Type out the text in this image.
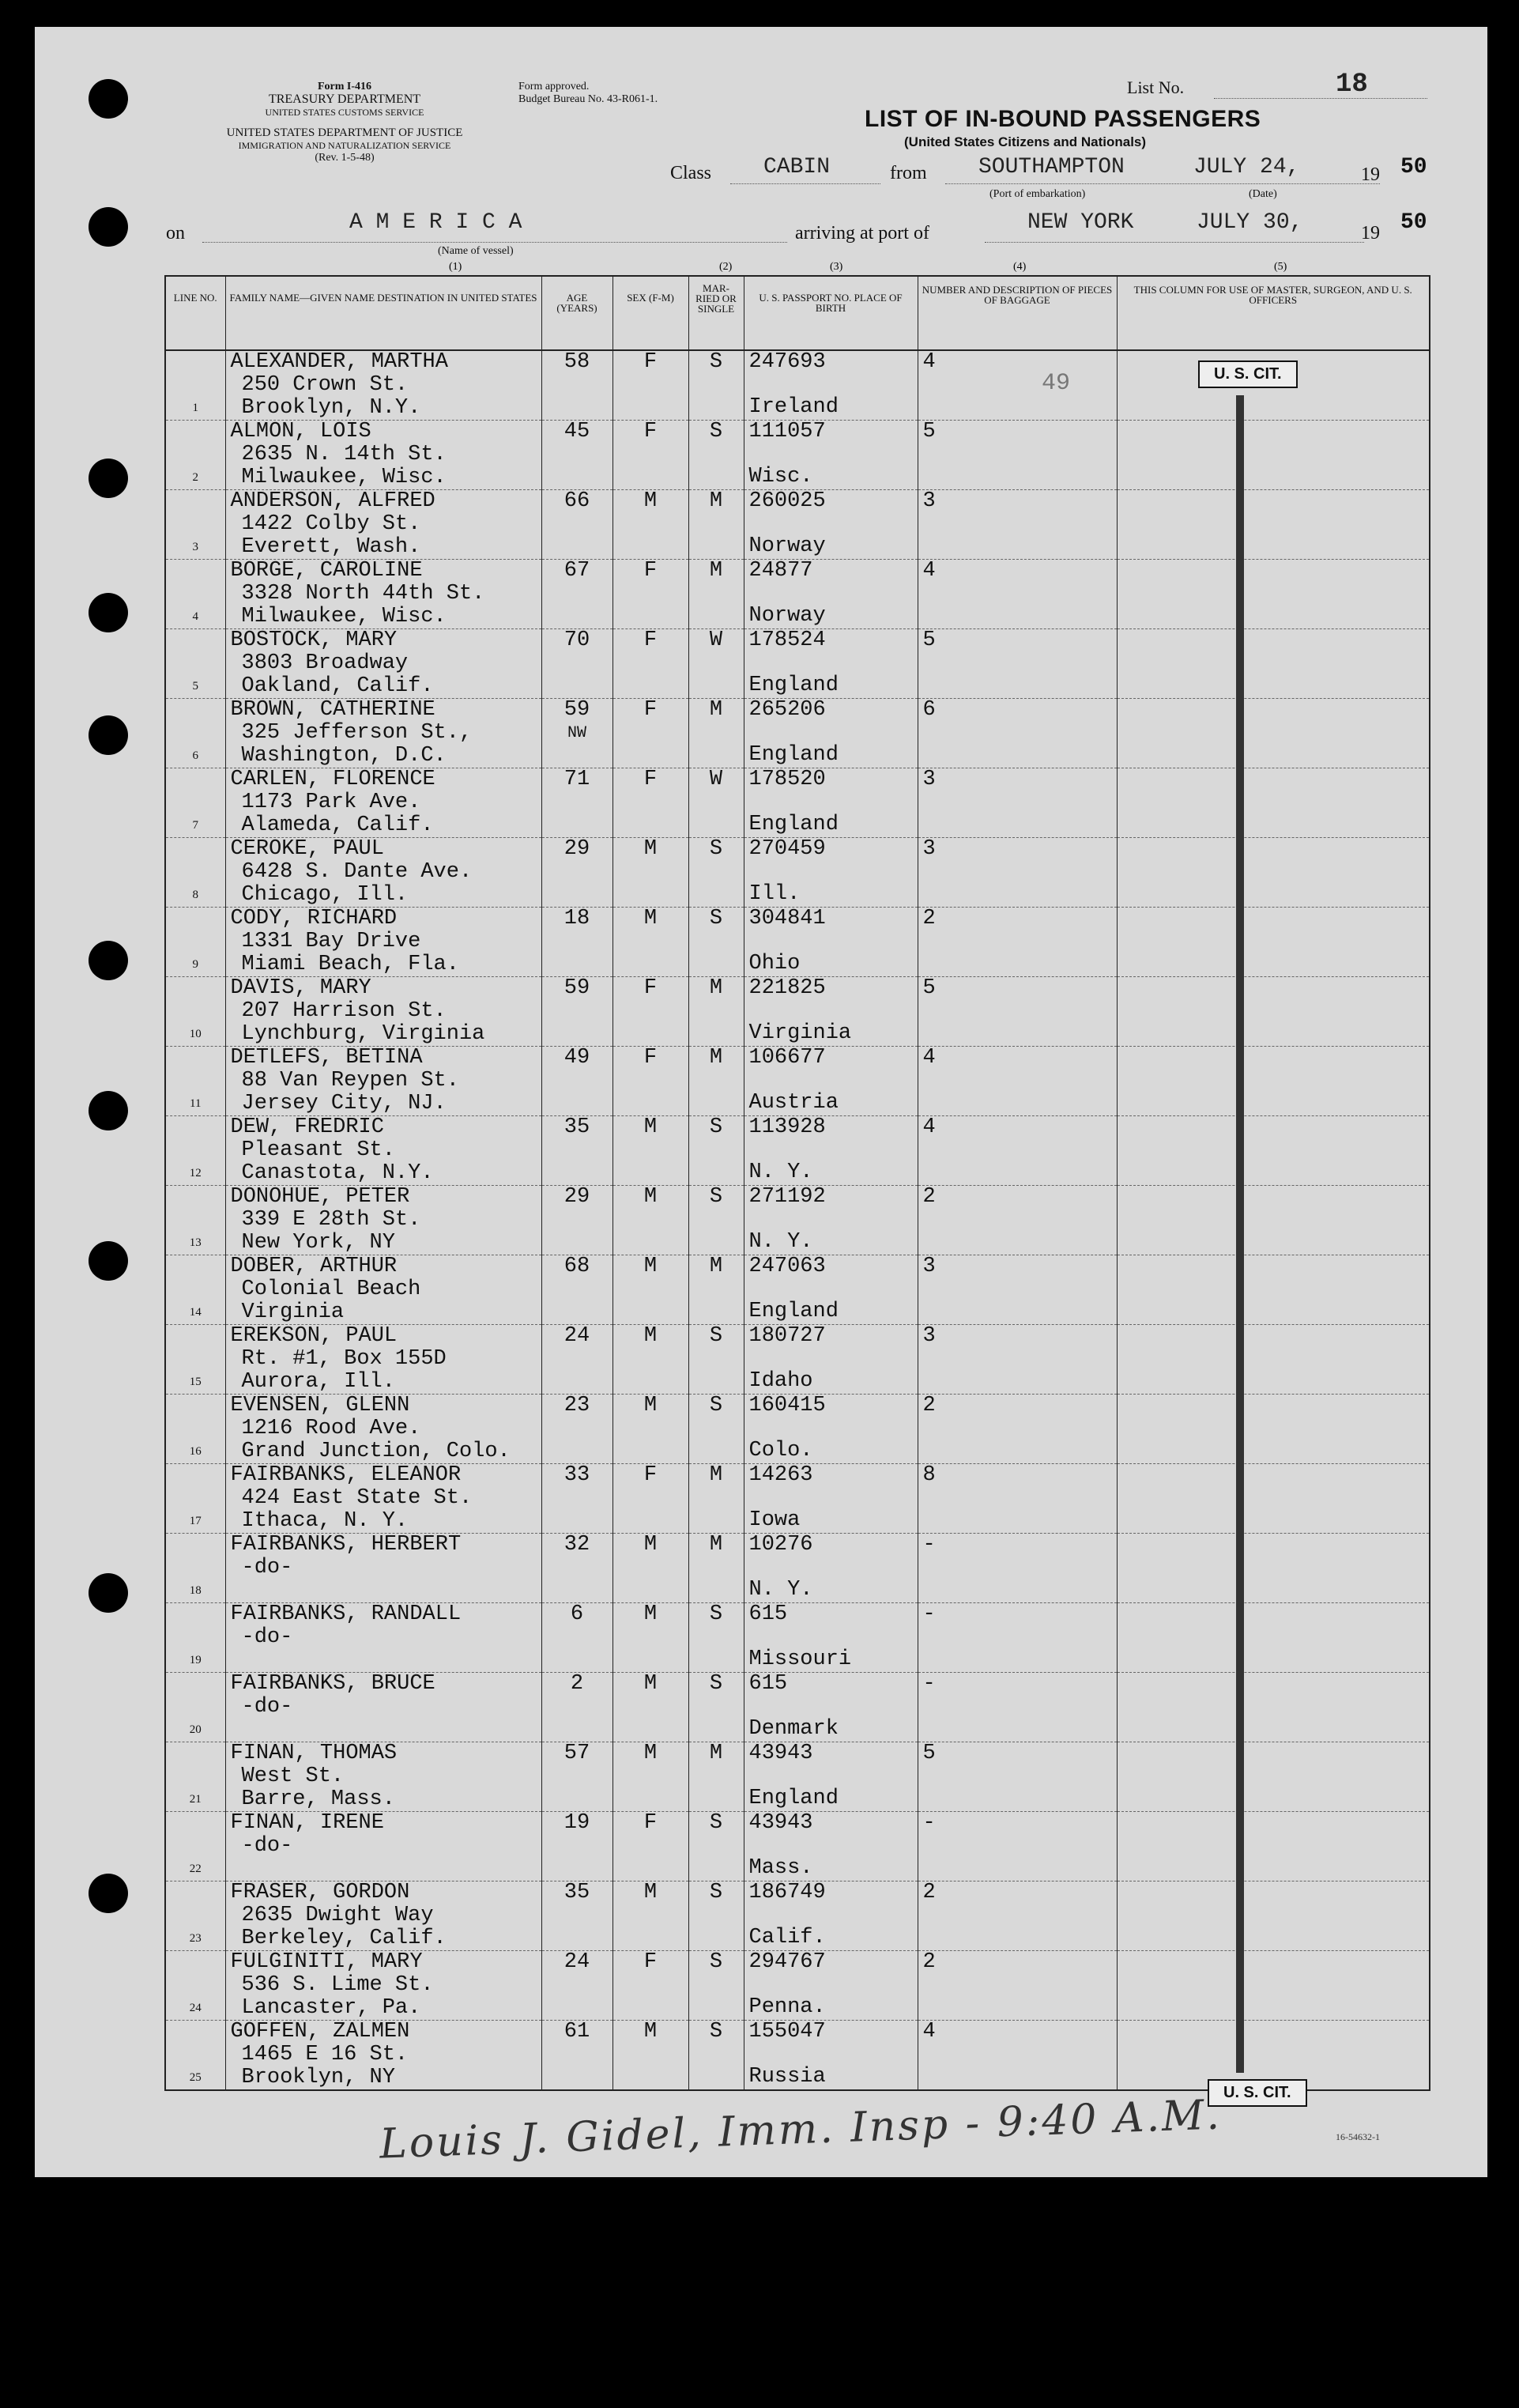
Form I-416
TREASURY DEPARTMENT
UNITED STATES CUSTOMS SERVICE
UNITED STATES DEPARTMENT OF JUSTICE
IMMIGRATION AND NATURALIZATION SERVICE
(Rev. 1-5-48)
Form approved.
Budget Bureau No. 43-R061-1.
List No.	18
LIST OF IN-BOUND PASSENGERS
(United States Citizens and Nationals)
Class CABIN	from SOUTHAMPTON	JULY 24,
(Port of embarkation)	(Date)
19 50
on	A M E R I C A
(Name of vessel)
arriving at port of	NEW YORK	JULY 30,	19 50
(1)	(2)	(3)	(4)	(5)
LINE NO.	FAMILY NAME—GIVEN NAME DESTINATION IN UNITED STATES	AGE (YEARS)	SEX (F-M)	MAR- RIED OR SINGLE	U. S. PASSPORT NO. PLACE OF BIRTH	NUMBER AND DESCRIPTION OF PIECES OF BAGGAGE	THIS COLUMN FOR USE OF MASTER, SURGEON, AND U. S. OFFICERS
1	ALEXANDER, MARTHA
250 Crown St.
Brooklyn, N.Y.	58	F	S	247693
Ireland	4	
2	ALMON, LOIS
2635 N. 14th St.
Milwaukee, Wisc.	45	F	S	111057
Wisc.	5	
3	ANDERSON, ALFRED
1422 Colby St.
Everett, Wash.	66	M	M	260025
Norway	3	
4	BORGE, CAROLINE
3328 North 44th St.
Milwaukee, Wisc.	67	F	M	24877
Norway	4	
5	BOSTOCK, MARY
3803 Broadway
Oakland, Calif.	70	F	W	178524
England	5	
6	BROWN, CATHERINE
325 Jefferson St.,
Washington, D.C.	59
NW	F	M	265206
England	6	
7	CARLEN, FLORENCE
1173 Park Ave.
Alameda, Calif.	71	F	W	178520
England	3	
8	CEROKE, PAUL
6428 S. Dante Ave.
Chicago, Ill.	29	M	S	270459
Ill.	3	
9	CODY, RICHARD
1331 Bay Drive
Miami Beach, Fla.	18	M	S	304841
Ohio	2	
10	DAVIS, MARY
207 Harrison St.
Lynchburg, Virginia	59	F	M	221825
Virginia	5	
11	DETLEFS, BETINA
88 Van Reypen St.
Jersey City, NJ.	49	F	M	106677
Austria	4	
12	DEW, FREDRIC
Pleasant St.
Canastota, N.Y.	35	M	S	113928
N. Y.	4	
13	DONOHUE, PETER
339 E 28th St.
New York, NY	29	M	S	271192
N. Y.	2	
14	DOBER, ARTHUR
Colonial Beach
Virginia	68	M	M	247063
England	3	
15	EREKSON, PAUL
Rt. #1, Box 155D
Aurora, Ill.	24	M	S	180727
Idaho	3	
16	EVENSEN, GLENN
1216 Rood Ave.
Grand Junction, Colo.	23	M	S	160415
Colo.	2	
17	FAIRBANKS, ELEANOR
424 East State St.
Ithaca, N. Y.	33	F	M	14263
Iowa	8	
18	FAIRBANKS, HERBERT
-do-	32	M	M	10276
N. Y.	-	
19	FAIRBANKS, RANDALL
-do-	6	M	S	615
Missouri	-	
20	FAIRBANKS, BRUCE
-do-	2	M	S	615
Denmark	-	
21	FINAN, THOMAS
West St.
Barre, Mass.	57	M	M	43943
England	5	
22	FINAN, IRENE
-do-	19	F	S	43943
Mass.	-	
23	FRASER, GORDON
2635 Dwight Way
Berkeley, Calif.	35	M	S	186749
Calif.	2	
24	FULGINITI, MARY
536 S. Lime St.
Lancaster, Pa.	24	F	S	294767
Penna.	2	
25	GOFFEN, ZALMEN
1465 E 16 St.
Brooklyn, NY	61	M	S	155047
Russia	4	
U. S. CIT.
U. S. CIT.
49
Louis J. Gidel, Imm. Insp - 9:40 A.M.	16-54632-1
